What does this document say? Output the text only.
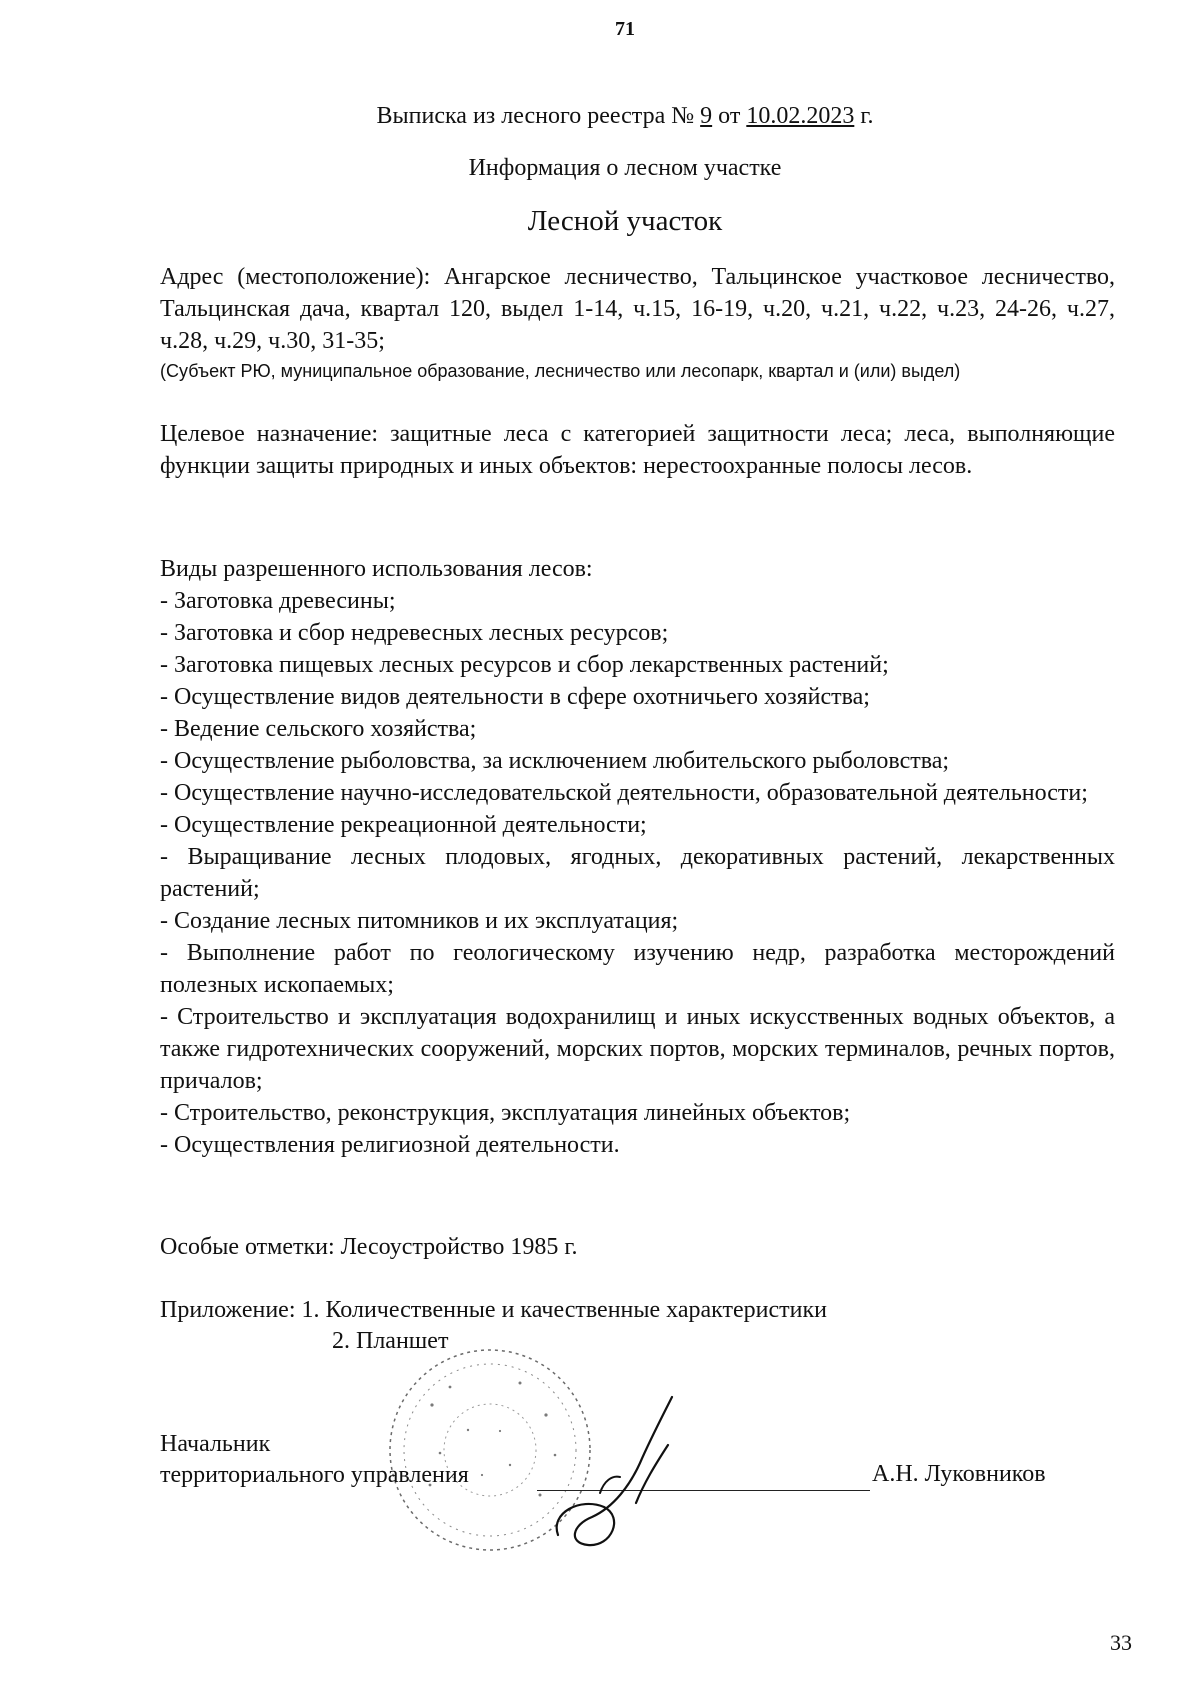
71
Выписка из лесного реестра № 9 от 10.02.2023 г.
Информация о лесном участке
Лесной участок
Адрес (местоположение): Ангарское лесничество, Тальцинское участковое лесничество, Тальцинская дача, квартал 120, выдел 1-14, ч.15, 16-19, ч.20, ч.21, ч.22, ч.23, 24-26, ч.27, ч.28, ч.29, ч.30, 31-35;
(Субъект РЮ, муниципальное образование, лесничество или лесопарк, квартал и (или) выдел)
Целевое назначение: защитные леса с категорией защитности леса; леса, выполняющие функции защиты природных и иных объектов: нерестоохранные полосы лесов.
Виды разрешенного использования лесов:
- Заготовка древесины;
- Заготовка и сбор недревесных лесных ресурсов;
- Заготовка пищевых лесных ресурсов и сбор лекарственных растений;
- Осуществление видов деятельности в сфере охотничьего хозяйства;
- Ведение сельского хозяйства;
- Осуществление рыболовства, за исключением любительского рыболовства;
- Осуществление научно-исследовательской деятельности, образовательной деятельности;
- Осуществление рекреационной деятельности;
- Выращивание лесных плодовых, ягодных, декоративных растений, лекарственных растений;
- Создание лесных питомников и их эксплуатация;
- Выполнение работ по геологическому изучению недр, разработка месторождений полезных ископаемых;
- Строительство и эксплуатация водохранилищ и иных искусственных водных объектов, а также гидротехнических сооружений, морских портов, морских терминалов, речных портов, причалов;
- Строительство, реконструкция, эксплуатация линейных объектов;
- Осуществления религиозной деятельности.
Особые отметки: Лесоустройство 1985 г.
Приложение: 1. Количественные и качественные характеристики
2. Планшет
Начальник
территориального управления	А.Н. Луковников
33
